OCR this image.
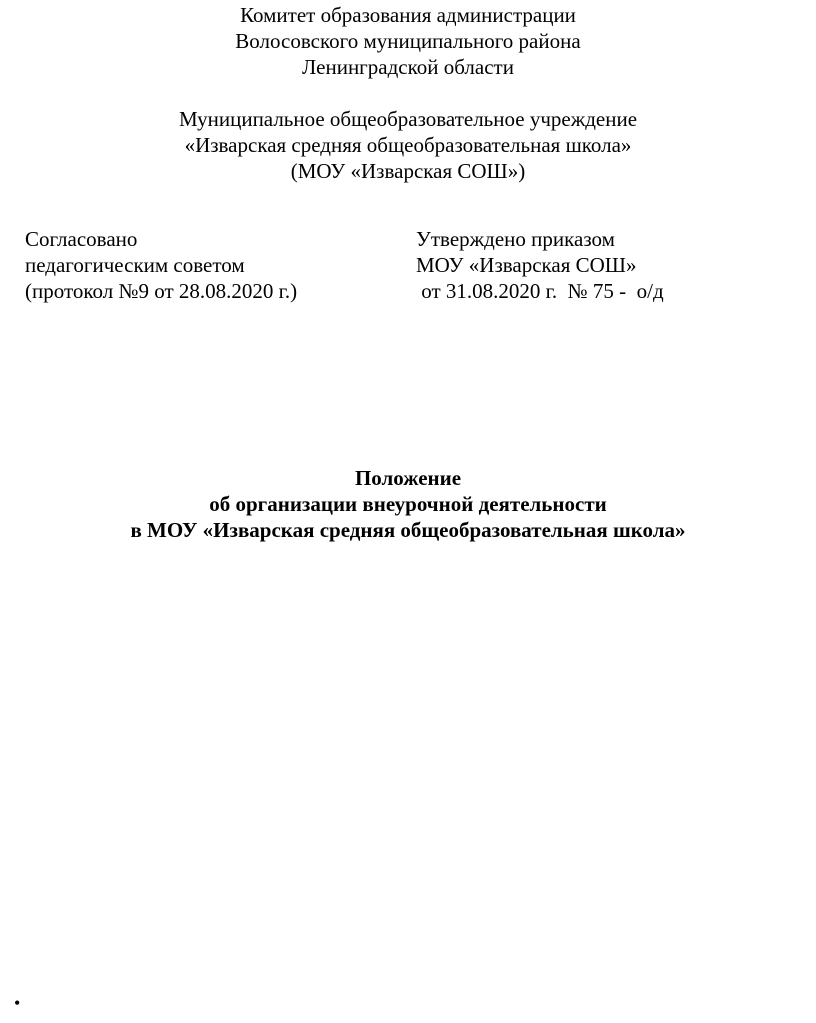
Комитет образования администрации
Волосовского муниципального района
Ленинградской области
Муниципальное общеобразовательное учреждение
«Изварская средняя общеобразовательная школа»
(МОУ «Изварская СОШ»)
Согласовано
педагогическим советом
(протокол №9 от 28.08.2020 г.)
Утверждено приказом
МОУ «Изварская СОШ»
от 31.08.2020 г.  № 75 -  о/д
Положение
об организации внеурочной деятельности
в МОУ «Изварская средняя общеобразовательная школа»
•
